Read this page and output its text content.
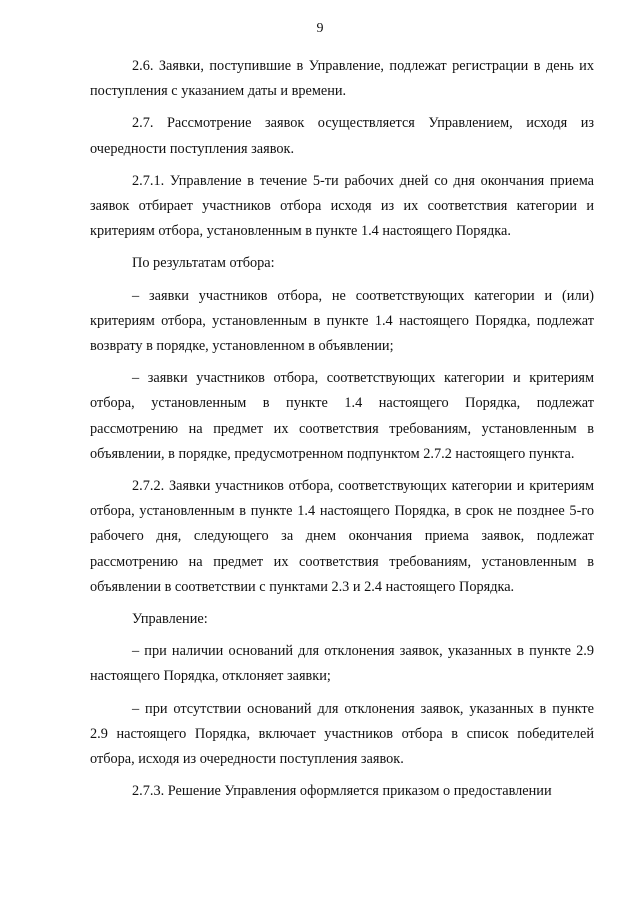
9

2.6. Заявки, поступившие в Управление, подлежат регистрации в день их поступления с указанием даты и времени.

2.7. Рассмотрение заявок осуществляется Управлением, исходя из очередности поступления заявок.

2.7.1. Управление в течение 5-ти рабочих дней со дня окончания приема заявок отбирает участников отбора исходя из их соответствия категории и критериям отбора, установленным в пункте 1.4 настоящего Порядка.

По результатам отбора:

– заявки участников отбора, не соответствующих категории и (или) критериям отбора, установленным в пункте 1.4 настоящего Порядка, подлежат возврату в порядке, установленном в объявлении;

– заявки участников отбора, соответствующих категории и критериям отбора, установленным в пункте 1.4 настоящего Порядка, подлежат рассмотрению на предмет их соответствия требованиям, установленным в объявлении, в порядке, предусмотренном подпунктом 2.7.2 настоящего пункта.

2.7.2. Заявки участников отбора, соответствующих категории и критериям отбора, установленным в пункте 1.4 настоящего Порядка, в срок не позднее 5-го рабочего дня, следующего за днем окончания приема заявок, подлежат рассмотрению на предмет их соответствия требованиям, установленным в объявлении в соответствии с пунктами 2.3 и 2.4 настоящего Порядка.

Управление:

– при наличии оснований для отклонения заявок, указанных в пункте 2.9 настоящего Порядка, отклоняет заявки;

– при отсутствии оснований для отклонения заявок, указанных в пункте 2.9 настоящего Порядка, включает участников отбора в список победителей отбора, исходя из очередности поступления заявок.

2.7.3. Решение Управления оформляется приказом о предоставлении
